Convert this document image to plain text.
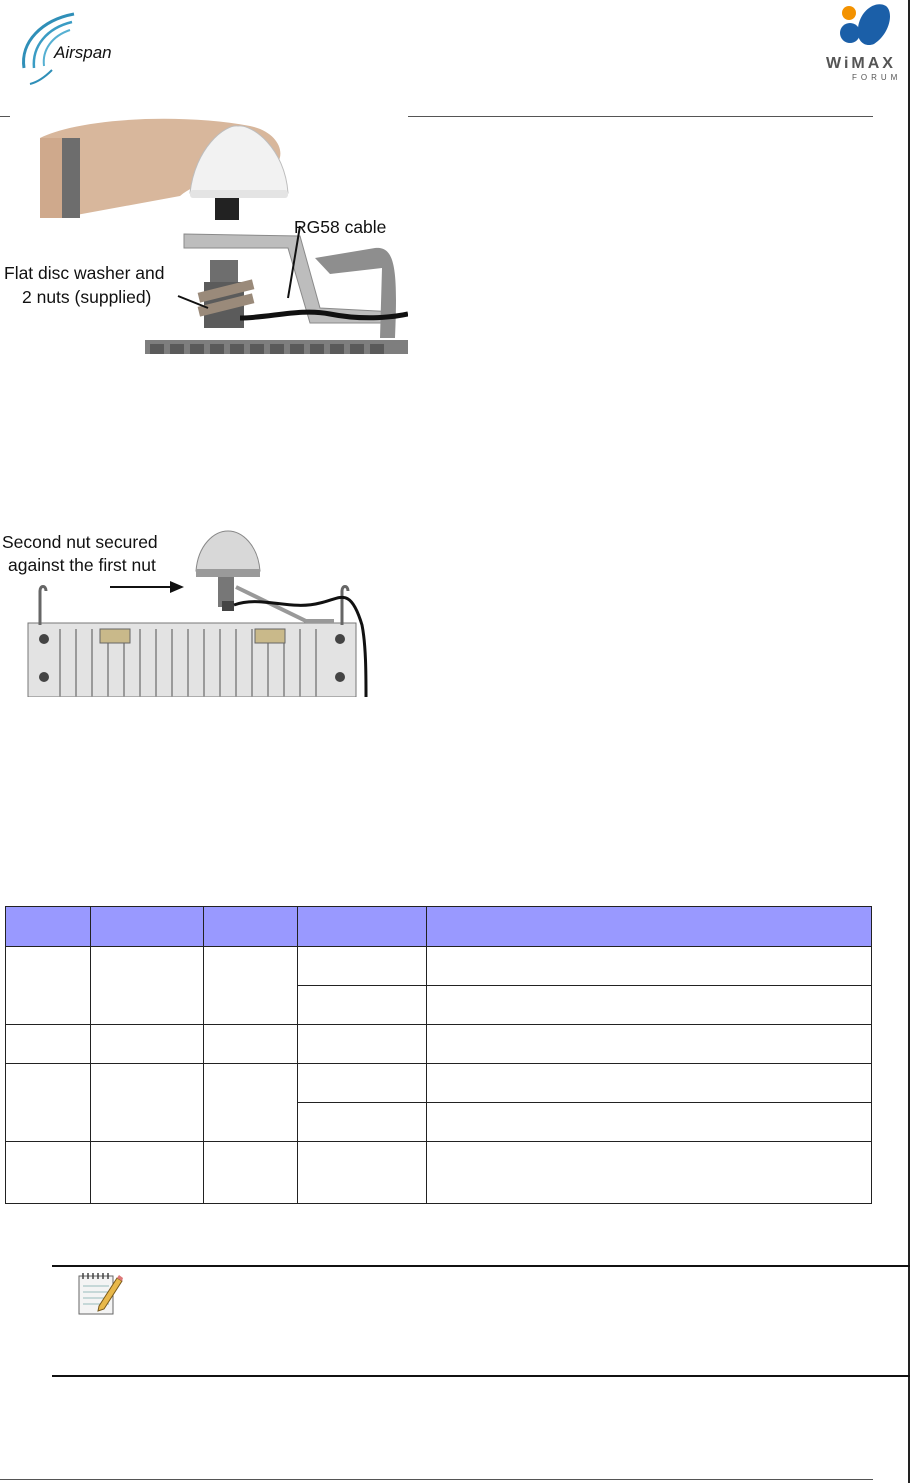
Airspan
WiMAX
FORUM
RG58 cable
Flat disc washer and
2 nuts (supplied)
Second nut secured
against the first nut
